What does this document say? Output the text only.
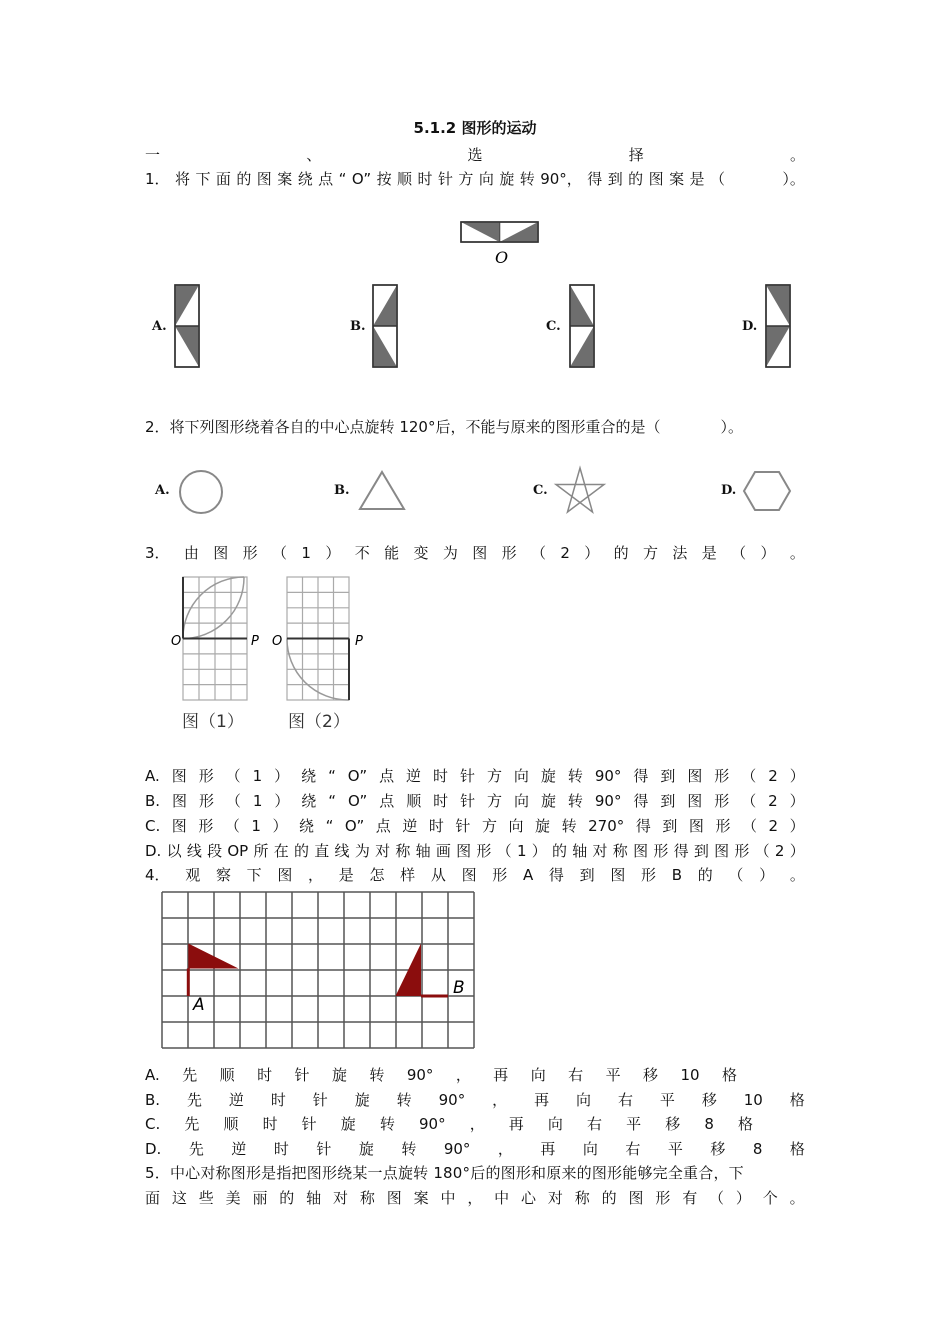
5.1.2 图形的运动
一	、	选	择	。
1． 将 下 面 的 图 案 绕 点 “ O” 按 顺 时 针 方 向 旋 转 90°， 得 到 的 图 案 是 （	）。
O
A.	B.	C.	D.
2．将下列图形绕着各自的中心点旋转 120°后，不能与原来的图形重合的是（　　　　）。
A.	B.	C.	D.
3． 由 图 形 （ 1 ） 不 能 变 为 图 形 （ 2 ） 的 方 法 是 （ ） 。
O	P O	P
图（1）	图（2）
A. 图 形 （ 1 ） 绕 “ O” 点 逆 时 针 方 向 旋 转 90° 得 到 图 形 （ 2 ）
B. 图 形 （ 1 ） 绕 “ O” 点 顺 时 针 方 向 旋 转 90° 得 到 图 形 （ 2 ）
C. 图 形 （ 1 ） 绕 “ O” 点 逆 时 针 方 向 旋 转 270° 得 到 图 形 （ 2 ）
D. 以 线 段 OP 所 在 的 直 线 为 对 称 轴 画 图 形 （ 1 ） 的 轴 对 称 图 形 得 到 图 形 （ 2 ）
4． 观 察 下 图 ， 是 怎 样 从 图 形 A 得 到 图 形 B 的 （ ） 。
A
B
A. 先 顺 时 针 旋 转 90° ， 再 向 右 平 移 10 格
B. 先 逆 时 针 旋 转 90° ， 再 向 右 平 移 10 格
C. 先 顺 时 针 旋 转 90° ， 再 向 右 平 移 8 格
D. 先 逆 时 针 旋 转 90° ， 再 向 右 平 移 8 格
5．中心对称图形是指把图形绕某一点旋转 180°后的图形和原来的图形能够完全重合，下
面 这 些 美 丽 的 轴 对 称 图 案 中 ， 中 心 对 称 的 图 形 有 （ ） 个 。
